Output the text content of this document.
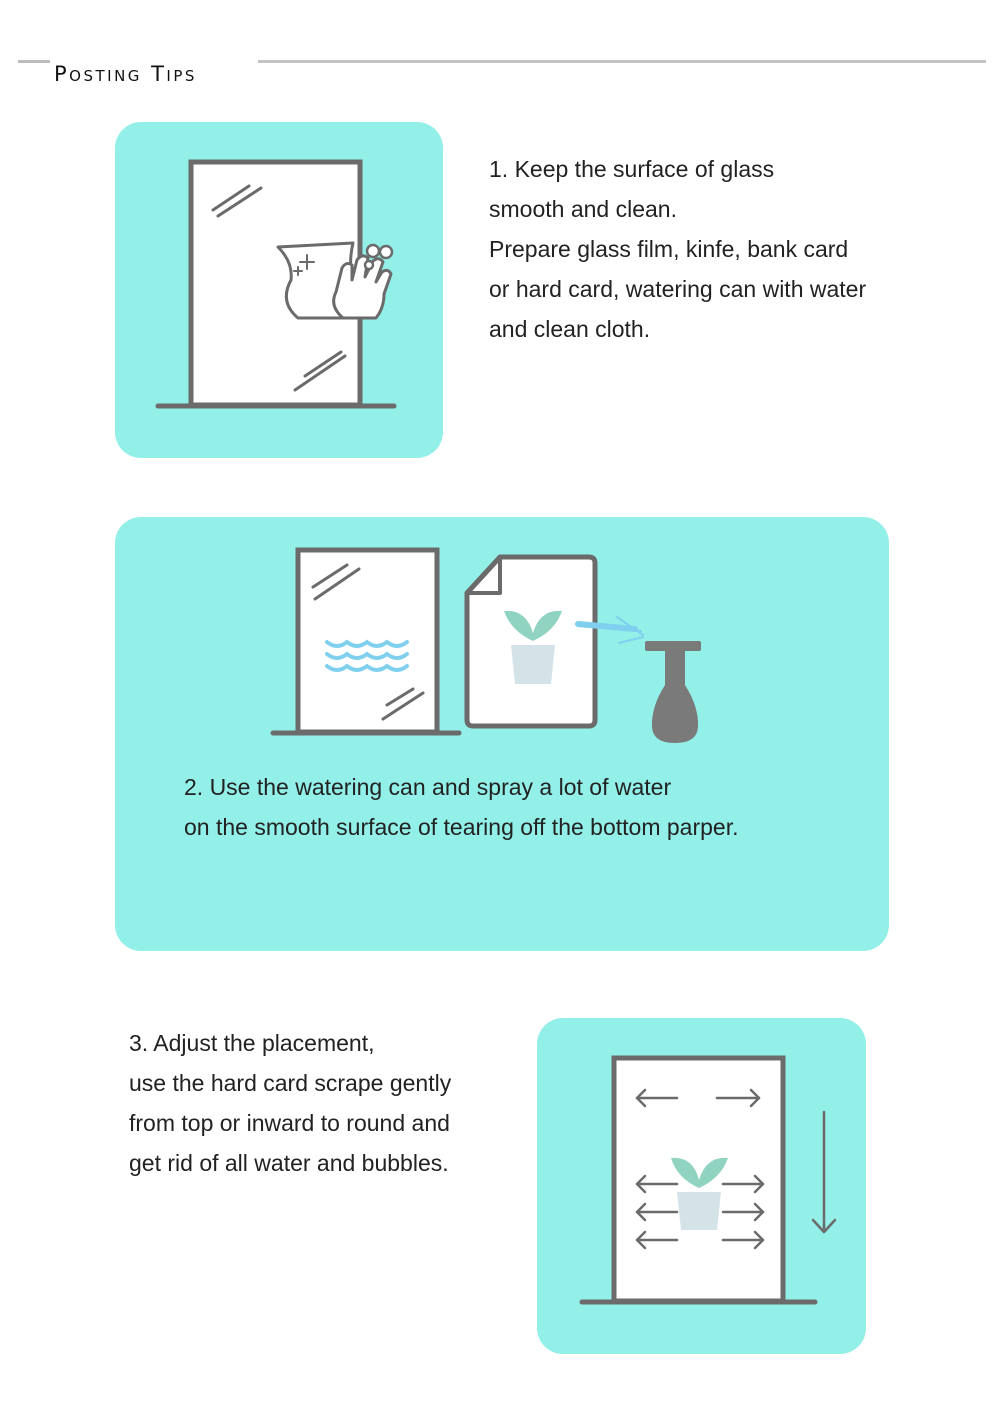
Posting Tips

1. Keep the surface of glass
smooth and clean.
Prepare glass film, kinfe, bank card
or hard card, watering can with water
and clean cloth.

2. Use the watering can and spray a lot of water
on the smooth surface of tearing off the bottom parper.

3. Adjust the placement,
use the hard card scrape gently
from top or inward to round and
get rid of all water and bubbles.
